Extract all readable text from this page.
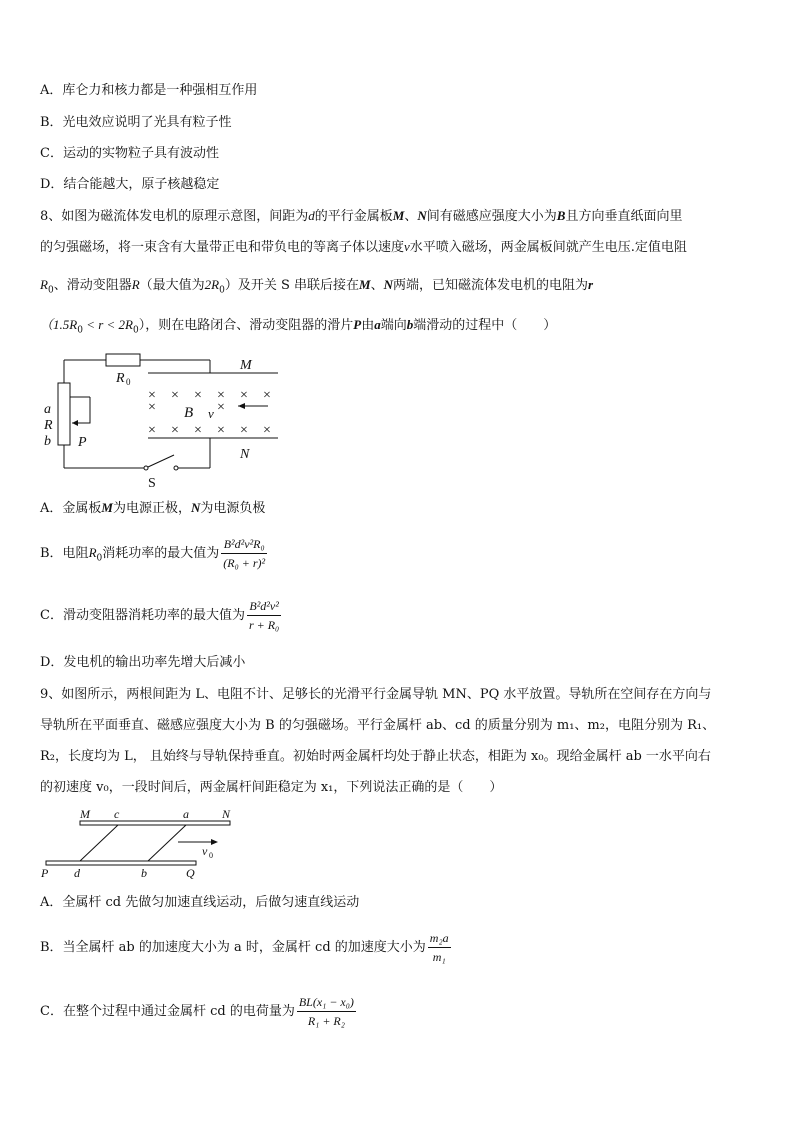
A．库仑力和核力都是一种强相互作用
B．光电效应说明了光具有粒子性
C．运动的实物粒子具有波动性
D．结合能越大，原子核越稳定
8、如图为磁流体发电机的原理示意图，间距为d的平行金属板M、N间有磁感应强度大小为B且方向垂直纸面向里
的匀强磁场，将一束含有大量带正电和带负电的等离子体以速度v水平喷入磁场，两金属板间就产生电压.定值电阻
$R_0$、滑动变阻器R（最大值为$2R_0$）及开关 S 串联后接在M、N两端，已知磁流体发电机的电阻为r
$(1.5R_0 < r < 2R_0)$，则在电路闭合、滑动变阻器的滑片P由a端向b端滑动的过程中（　　）
× × × × × ×
× × × × × ×
×	×
R 0
M
N
a
R
b P
B v
S
A．金属板M为电源正极，N为电源负极
B．电阻$R_0$消耗功率的最大值为 $\frac{\text{B²d²v²R₀}}{\text{(R₀ + r)²}}$
C．滑动变阻器消耗功率的最大值为 $\frac{\text{B²d²v²}}{\text{r + R₀}}$
D．发电机的输出功率先增大后减小
9、如图所示，两根间距为 L、电阻不计、足够长的光滑平行金属导轨 MN、PQ 水平放置。导轨所在空间存在方向与
导轨所在平面垂直、磁感应强度大小为 B 的匀强磁场。平行金属杆 ab、cd 的质量分别为 m₁、m₂，电阻分别为 R₁、
R₂，长度均为 L， 且始终与导轨保持垂直。初始时两金属杆均处于静止状态，相距为 x₀。现给金属杆 ab 一水平向右
的初速度 v₀，一段时间后，两金属杆间距稳定为 x₁，下列说法正确的是（　　）
M c	a	N
v 0
P d	b	Q
A．全属杆 cd 先做匀加速直线运动，后做匀速直线运动
B．当全属杆 ab 的加速度大小为 a 时，金属杆 cd 的加速度大小为 $\frac{\text{m₂a}}{\text{m₁}}$
C．在整个过程中通过金属杆 cd 的电荷量为 $\frac{\text{BL(x₁ − x₀)}}{\text{R₁ + R₂}}$
